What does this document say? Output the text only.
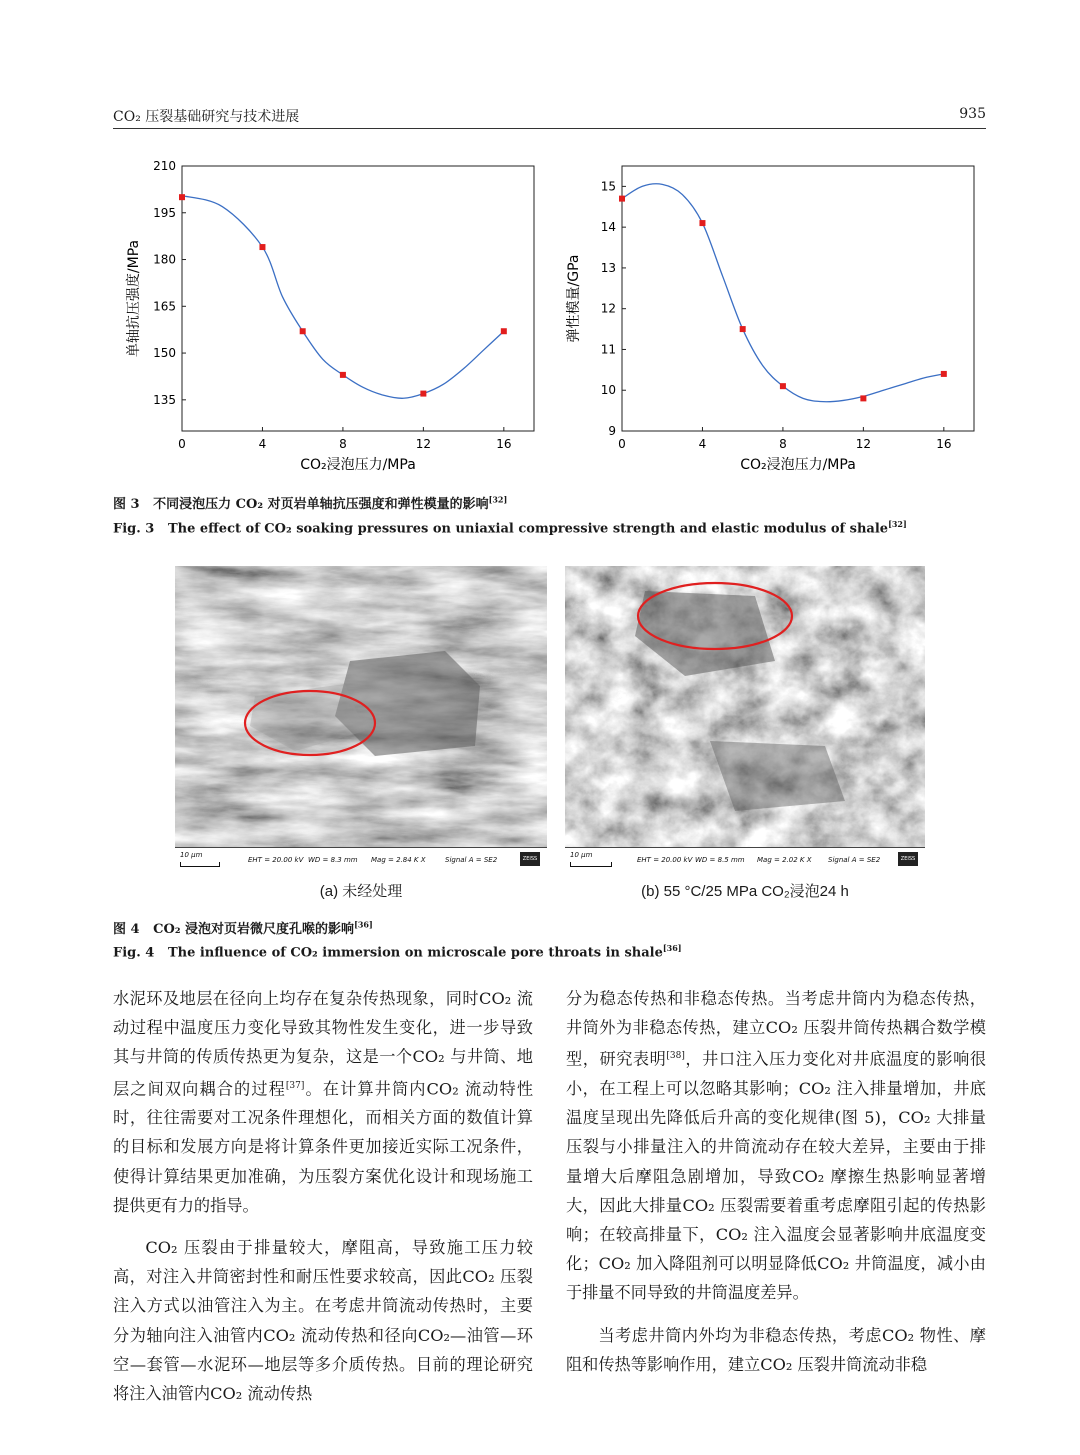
CO₂ 压裂基础研究与技术进展	935
0	4	8	12	16
135
150
165
180
195
210
CO₂浸泡压力/MPa
单轴抗压强度/MPa
0	4	8	12	16
9
10
11
12
13
14
15
CO₂浸泡压力/MPa
弹性模量/GPa
图 3 不同浸泡压力 CO₂ 对页岩单轴抗压强度和弹性模量的影响[32]
Fig. 3 The effect of CO₂ soaking pressures on uniaxial compressive strength and elastic modulus of shale[32]
10 μm
EHT = 20.00 kV WD = 8.3 mm Mag = 2.84 K X	Signal A = SE2	ZEISS	10 μm
EHT = 20.00 kV WD = 8.5 mm Mag = 2.02 K X Signal A = SE2	ZEISS
(a) 未经处理	(b) 55 °C/25 MPa CO₂浸泡24 h
图 4 CO₂ 浸泡对页岩微尺度孔喉的影响[36]
Fig. 4 The influence of CO₂ immersion on microscale pore throats in shale[36]

水泥环及地层在径向上均存在复杂传热现象，同时CO₂ 流动过程中温度压力变化导致其物性发生变化，进一步导致其与井筒的传质传热更为复杂，这是一个CO₂ 与井筒、地层之间双向耦合的过程[37]。在计算井筒内CO₂ 流动特性时，往往需要对工况条件理想化，而相关方面的数值计算的目标和发展方向是将计算条件更加接近实际工况条件，使得计算结果更加准确，为压裂方案优化设计和现场施工提供更有力的指导。

CO₂ 压裂由于排量较大，摩阻高，导致施工压力较高，对注入井筒密封性和耐压性要求较高，因此CO₂ 压裂注入方式以油管注入为主。在考虑井筒流动传热时，主要分为轴向注入油管内CO₂ 流动传热和径向CO₂—油管—环空—套管—水泥环—地层等多介质传热。目前的理论研究将注入油管内CO₂ 流动传热

分为稳态传热和非稳态传热。当考虑井筒内为稳态传热，井筒外为非稳态传热，建立CO₂ 压裂井筒传热耦合数学模型，研究表明[38]，井口注入压力变化对井底温度的影响很小，在工程上可以忽略其影响；CO₂ 注入排量增加，井底温度呈现出先降低后升高的变化规律(图 5)，CO₂ 大排量压裂与小排量注入的井筒流动存在较大差异，主要由于排量增大后摩阻急剧增加，导致CO₂ 摩擦生热影响显著增大，因此大排量CO₂ 压裂需要着重考虑摩阻引起的传热影响；在较高排量下，CO₂ 注入温度会显著影响井底温度变化；CO₂ 加入降阻剂可以明显降低CO₂ 井筒温度，减小由于排量不同导致的井筒温度差异。

当考虑井筒内外均为非稳态传热，考虑CO₂ 物性、摩阻和传热等影响作用，建立CO₂ 压裂井筒流动非稳
